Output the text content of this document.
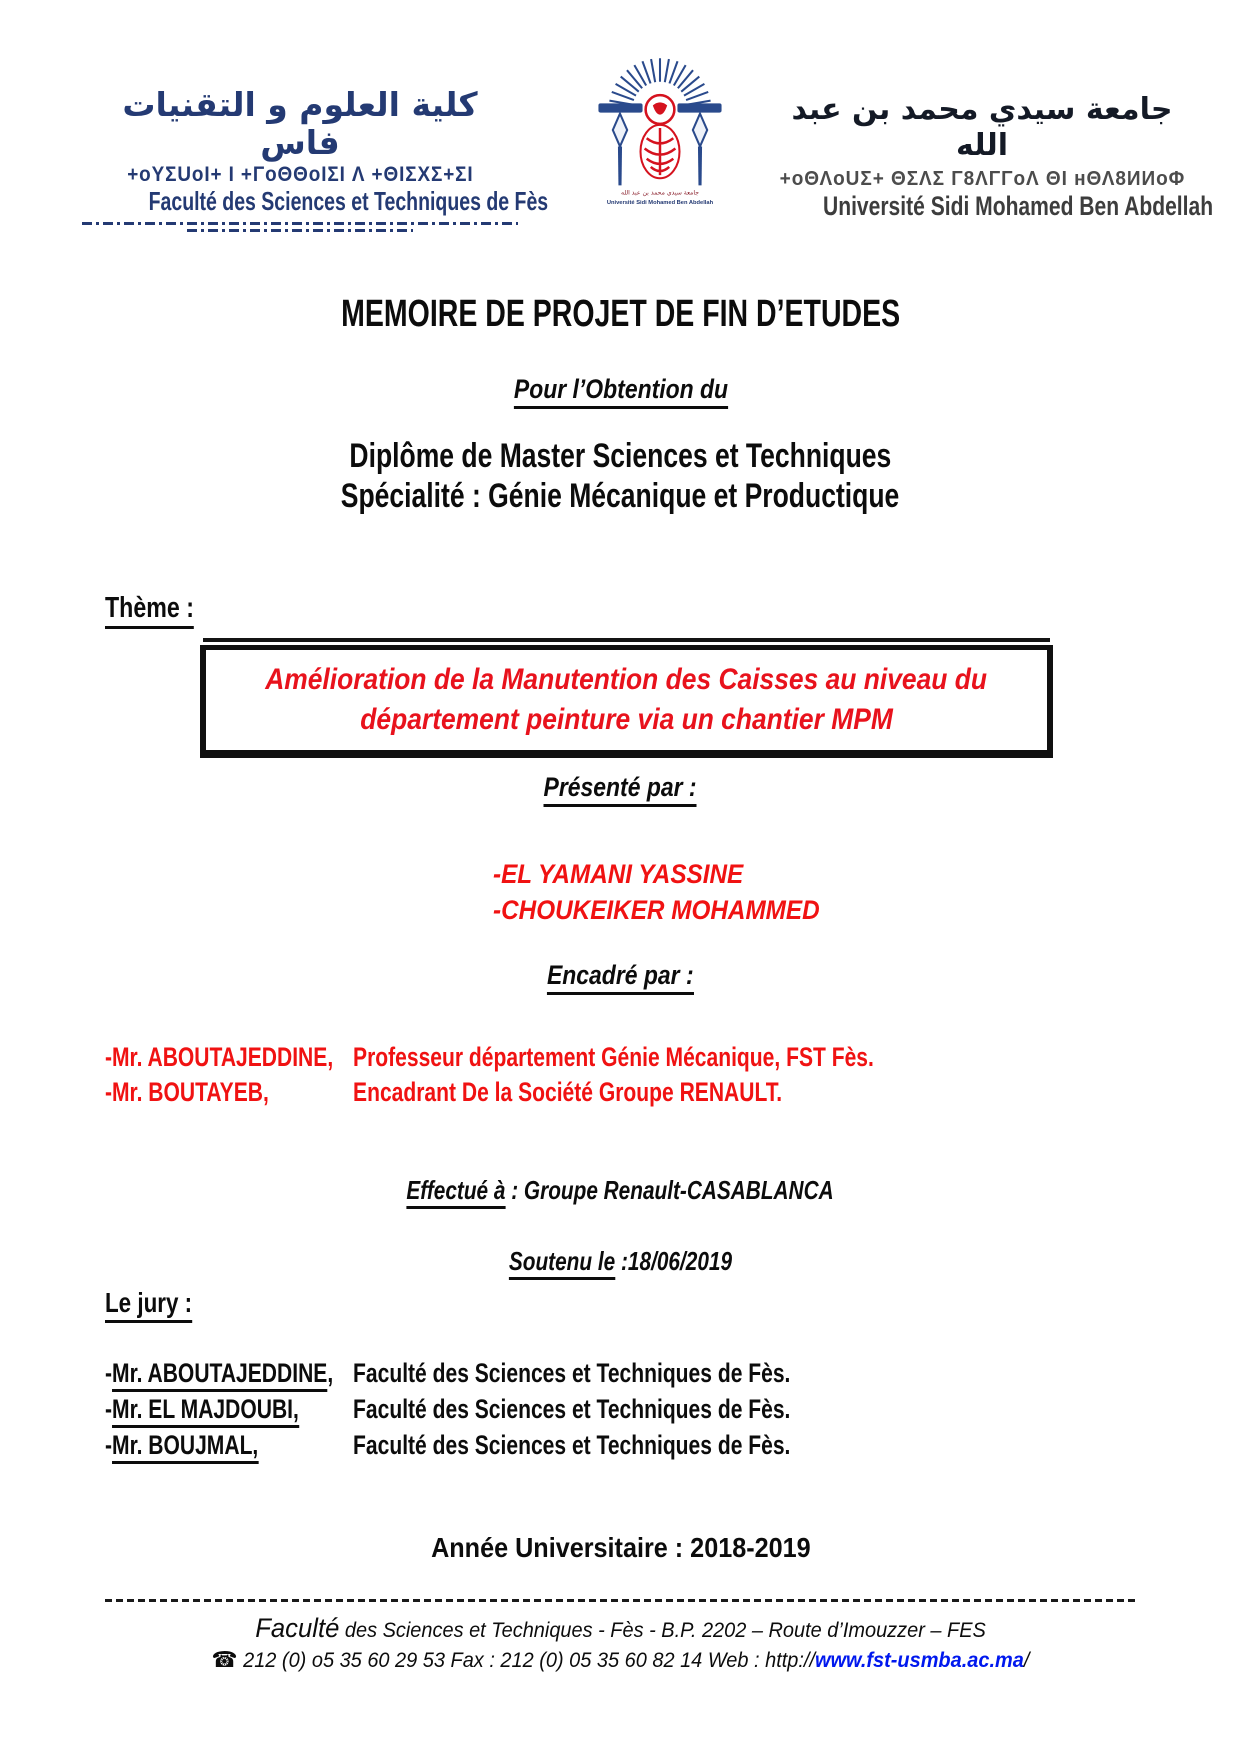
كلية العلوم و التقنيات فاس
+oYΣUoI+ I +ΓoΘΘoIΣI Λ +ΘIΣΧΣ+ΣI
Faculté des Sciences et Techniques de Fès	جامعة سيدي محمد بن عبد الله
Université Sidi Mohamed Ben Abdellah
جامعة سيدي محمد بن عبد الله
+oΘΛoUΣ+ ΘΣΛΣ Γ8ΛΓΓoΛ ΘΙ ʜΘΛ8ИИoΦ
Université Sidi Mohamed Ben Abdellah
MEMOIRE DE PROJET DE FIN D’ETUDES
Pour l’Obtention du
Diplôme de Master Sciences et Techniques
Spécialité : Génie Mécanique et Productique
Thème :
Amélioration de la Manutention des Caisses au niveau du
département peinture via un chantier MPM
Présenté par :
-EL YAMANI YASSINE
-CHOUKEIKER MOHAMMED
Encadré par :
-Mr. ABOUTAJEDDINE, Professeur département Génie Mécanique, FST Fès.
-Mr. BOUTAYEB,	Encadrant De la Société Groupe RENAULT.
Effectué à : Groupe Renault-CASABLANCA
Soutenu le :18/06/2019
Le jury :
-Mr. ABOUTAJEDDINE,Faculté des Sciences et Techniques de Fès.
-Mr. EL MAJDOUBI, Faculté des Sciences et Techniques de Fès.
-Mr. BOUJMAL,	Faculté des Sciences et Techniques de Fès.
Année Universitaire : 2018-2019
Faculté des Sciences et Techniques - Fès - B.P. 2202 – Route d’Imouzzer – FES
☎ 212 (0) o5 35 60 29 53 Fax : 212 (0) 05 35 60 82 14 Web : http://www.fst-usmba.ac.ma/
